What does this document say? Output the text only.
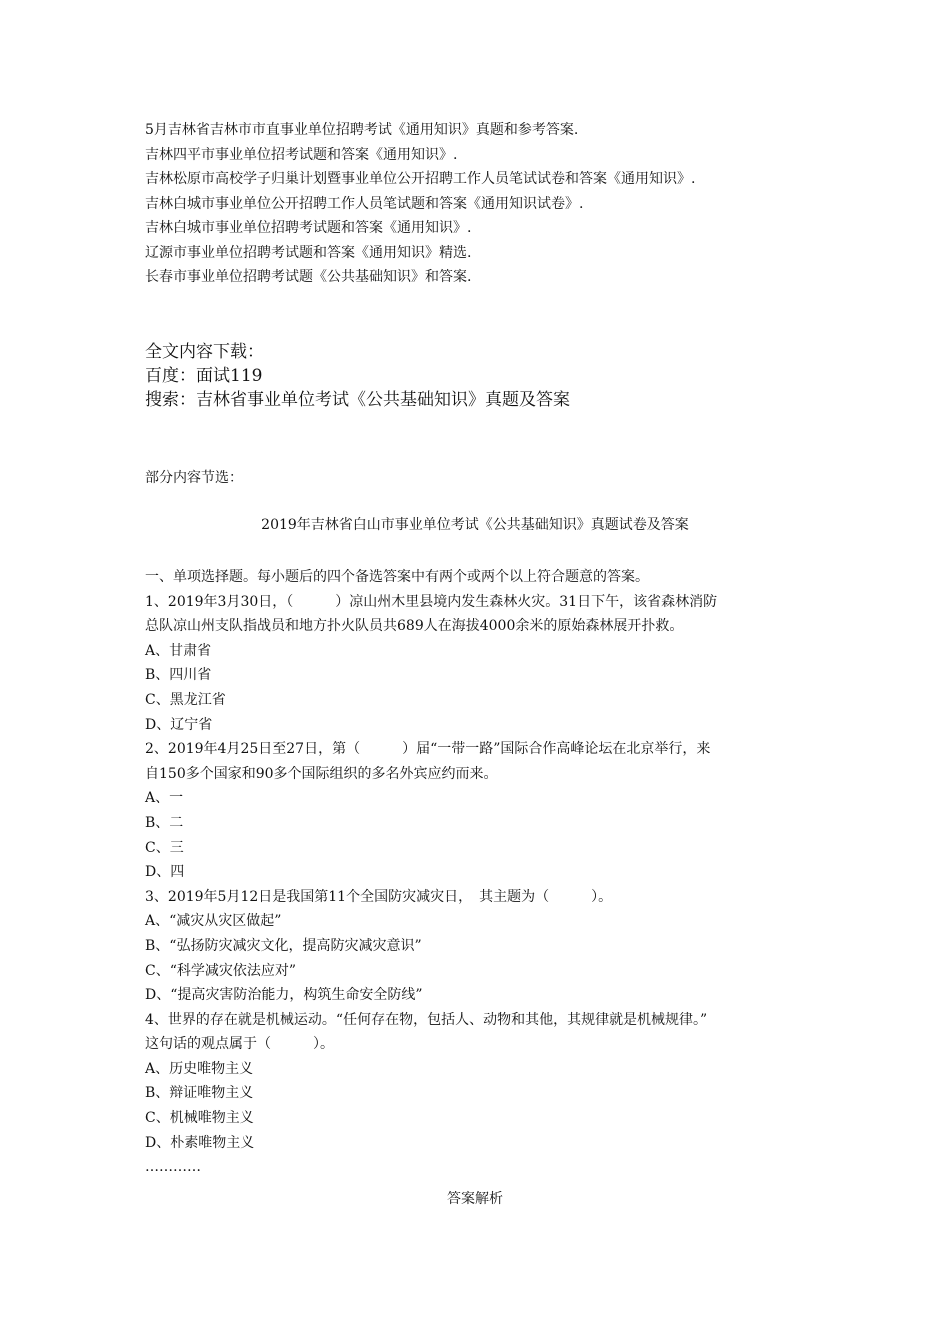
5月吉林省吉林市市直事业单位招聘考试《通用知识》真题和参考答案.
吉林四平市事业单位招考试题和答案《通用知识》.
吉林松原市高校学子归巢计划暨事业单位公开招聘工作人员笔试试卷和答案《通用知识》.
吉林白城市事业单位公开招聘工作人员笔试题和答案《通用知识试卷》.
吉林白城市事业单位招聘考试题和答案《通用知识》.
辽源市事业单位招聘考试题和答案《通用知识》精选.
长春市事业单位招聘考试题《公共基础知识》和答案.
全文内容下载：
百度：面试119
搜索：吉林省事业单位考试《公共基础知识》真题及答案
部分内容节选：
2019年吉林省白山市事业单位考试《公共基础知识》真题试卷及答案
一、单项选择题。每小题后的四个备选答案中有两个或两个以上符合题意的答案。
1、2019年3月30日，（　　　）凉山州木里县境内发生森林火灾。31日下午，该省森林消防
总队凉山州支队指战员和地方扑火队员共689人在海拔4000余米的原始森林展开扑救。
A、甘肃省
B、四川省
C、黑龙江省
D、辽宁省
2、2019年4月25日至27日，第（　　　）届“一带一路”国际合作高峰论坛在北京举行，来
自150多个国家和90多个国际组织的多名外宾应约而来。
A、一
B、二
C、三
D、四
3、2019年5月12日是我国第11个全国防灾减灾日，　其主题为（　　　）。
A、“减灾从灾区做起”
B、“弘扬防灾减灾文化，提高防灾减灾意识”
C、“科学减灾依法应对”
D、“提高灾害防治能力，构筑生命安全防线”
4、世界的存在就是机械运动。“任何存在物，包括人、动物和其他，其规律就是机械规律。”
这句话的观点属于（　　　）。
A、历史唯物主义
B、辩证唯物主义
C、机械唯物主义
D、朴素唯物主义
…………
答案解析
